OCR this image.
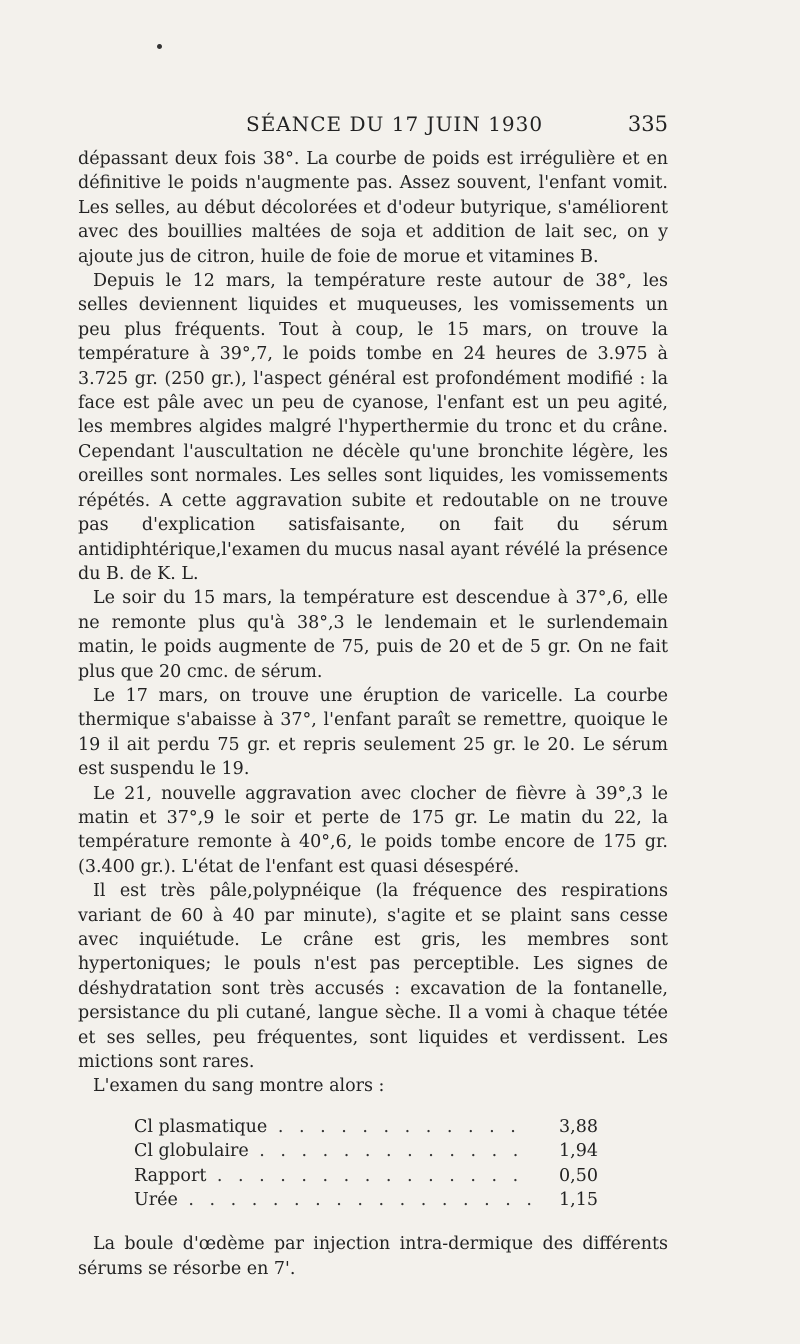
SÉANCE DU 17 JUIN 1930	335

dépassant deux fois 38°. La courbe de poids est irrégulière et en définitive le poids n'augmente pas. Assez souvent, l'enfant vomit. Les selles, au début décolorées et d'odeur butyrique, s'améliorent avec des bouillies maltées de soja et addition de lait sec, on y ajoute jus de citron, huile de foie de morue et vitamines B.

Depuis le 12 mars, la température reste autour de 38°, les selles deviennent liquides et muqueuses, les vomissements un peu plus fréquents. Tout à coup, le 15 mars, on trouve la température à 39°,7, le poids tombe en 24 heures de 3.975 à 3.725 gr. (250 gr.), l'aspect général est profondément modifié : la face est pâle avec un peu de cyanose, l'enfant est un peu agité, les membres algides malgré l'hyperthermie du tronc et du crâne. Cependant l'auscultation ne décèle qu'une bronchite légère, les oreilles sont normales. Les selles sont liquides, les vomissements répétés. A cette aggravation subite et redoutable on ne trouve pas d'explication satisfaisante, on fait du sérum antidiphtérique,l'examen du mucus nasal ayant révélé la présence du B. de K. L.

Le soir du 15 mars, la température est descendue à 37°,6, elle ne remonte plus qu'à 38°,3 le lendemain et le surlendemain matin, le poids augmente de 75, puis de 20 et de 5 gr. On ne fait plus que 20 cmc. de sérum.

Le 17 mars, on trouve une éruption de varicelle. La courbe thermique s'abaisse à 37°, l'enfant paraît se remettre, quoique le 19 il ait perdu 75 gr. et repris seulement 25 gr. le 20. Le sérum est suspendu le 19.

Le 21, nouvelle aggravation avec clocher de fièvre à 39°,3 le matin et 37°,9 le soir et perte de 175 gr. Le matin du 22, la température remonte à 40°,6, le poids tombe encore de 175 gr. (3.400 gr.). L'état de l'enfant est quasi désespéré.

Il est très pâle,polypnéique (la fréquence des respirations variant de 60 à 40 par minute), s'agite et se plaint sans cesse avec inquiétude. Le crâne est gris, les membres sont hypertoniques; le pouls n'est pas perceptible. Les signes de déshydratation sont très accusés : excavation de la fontanelle, persistance du pli cutané, langue sèche. Il a vomi à chaque tétée et ses selles, peu fréquentes, sont liquides et verdissent. Les mictions sont rares.

L'examen du sang montre alors :

Cl plasmatique . . . . . . . . . . . .	3,88
Cl globulaire . . . . . . . . . . . . .	1,94
Rapport . . . . . . . . . . . . . . .	0,50
Urée . . . . . . . . . . . . . . . . .	1,15

La boule d'œdème par injection intra-dermique des différents sérums se résorbe en 7'.
